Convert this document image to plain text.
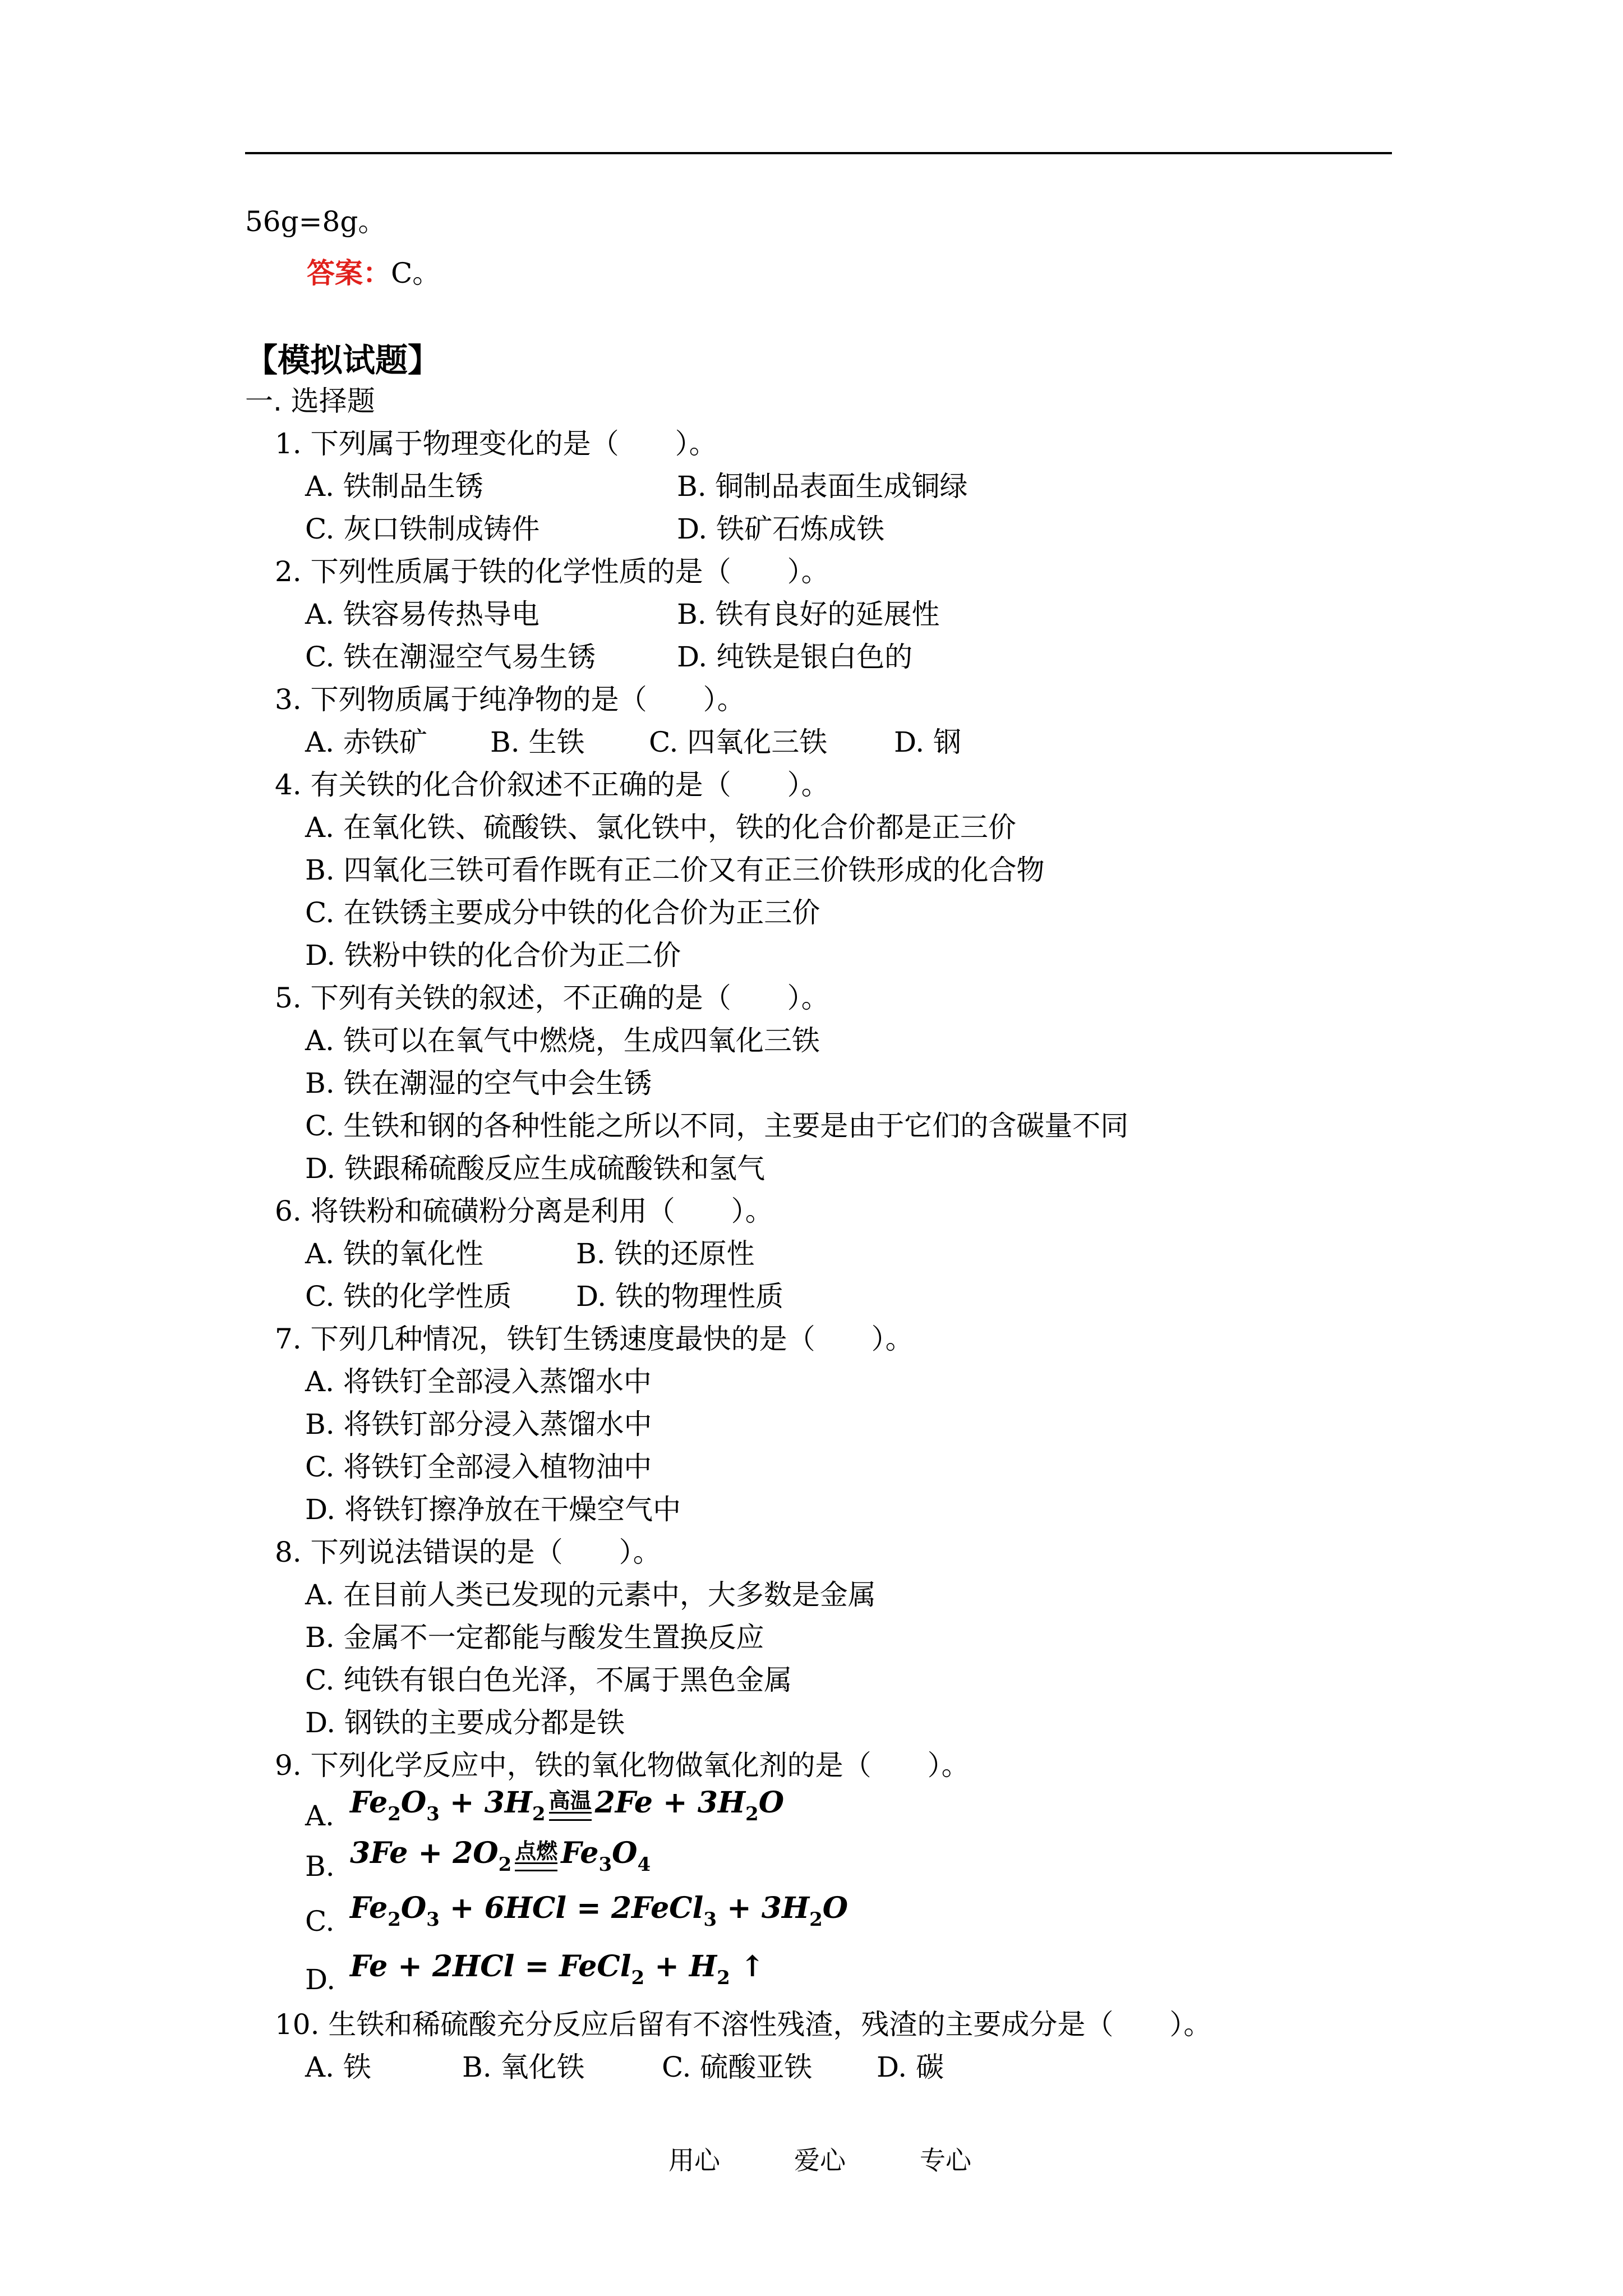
56g=8g。
答案：C。
【模拟试题】
一. 选择题
1. 下列属于物理变化的是（　　）。
A. 铁制品生锈	B. 铜制品表面生成铜绿
C. 灰口铁制成铸件	D. 铁矿石炼成铁
2. 下列性质属于铁的化学性质的是（　　）。
A. 铁容易传热导电	B. 铁有良好的延展性
C. 铁在潮湿空气易生锈	D. 纯铁是银白色的
3. 下列物质属于纯净物的是（　　）。
A. 赤铁矿	B. 生铁	C. 四氧化三铁	D. 钢
4. 有关铁的化合价叙述不正确的是（　　）。
A. 在氧化铁、硫酸铁、氯化铁中，铁的化合价都是正三价
B. 四氧化三铁可看作既有正二价又有正三价铁形成的化合物
C. 在铁锈主要成分中铁的化合价为正三价
D. 铁粉中铁的化合价为正二价
5. 下列有关铁的叙述，不正确的是（　　）。
A. 铁可以在氧气中燃烧，生成四氧化三铁
B. 铁在潮湿的空气中会生锈
C. 生铁和钢的各种性能之所以不同，主要是由于它们的含碳量不同
D. 铁跟稀硫酸反应生成硫酸铁和氢气
6. 将铁粉和硫磺粉分离是利用（　　）。
A. 铁的氧化性	B. 铁的还原性
C. 铁的化学性质	D. 铁的物理性质
7. 下列几种情况，铁钉生锈速度最快的是（　　）。
A. 将铁钉全部浸入蒸馏水中
B. 将铁钉部分浸入蒸馏水中
C. 将铁钉全部浸入植物油中
D. 将铁钉擦净放在干燥空气中
8. 下列说法错误的是（　　）。
A. 在目前人类已发现的元素中，大多数是金属
B. 金属不一定都能与酸发生置换反应
C. 纯铁有银白色光泽，不属于黑色金属
D. 钢铁的主要成分都是铁
9. 下列化学反应中，铁的氧化物做氧化剂的是（　　）。
A. $Fe_2O_3 + 3H_2$
高温 $2Fe + 3H_2O$
B. $3Fe + 2O_2$
点燃 $Fe_3O_4$
C. $Fe_2O_3 + 6HCl$ = 2FeCl$_3$ + $3H_2O$
D. Fe + 2HCl = FeCl$_2$ + $H_2$ ↑
10. 生铁和稀硫酸充分反应后留有不溶性残渣，残渣的主要成分是（　　）。
A. 铁	B. 氧化铁	C. 硫酸亚铁	D. 碳
用心	爱心	专心
